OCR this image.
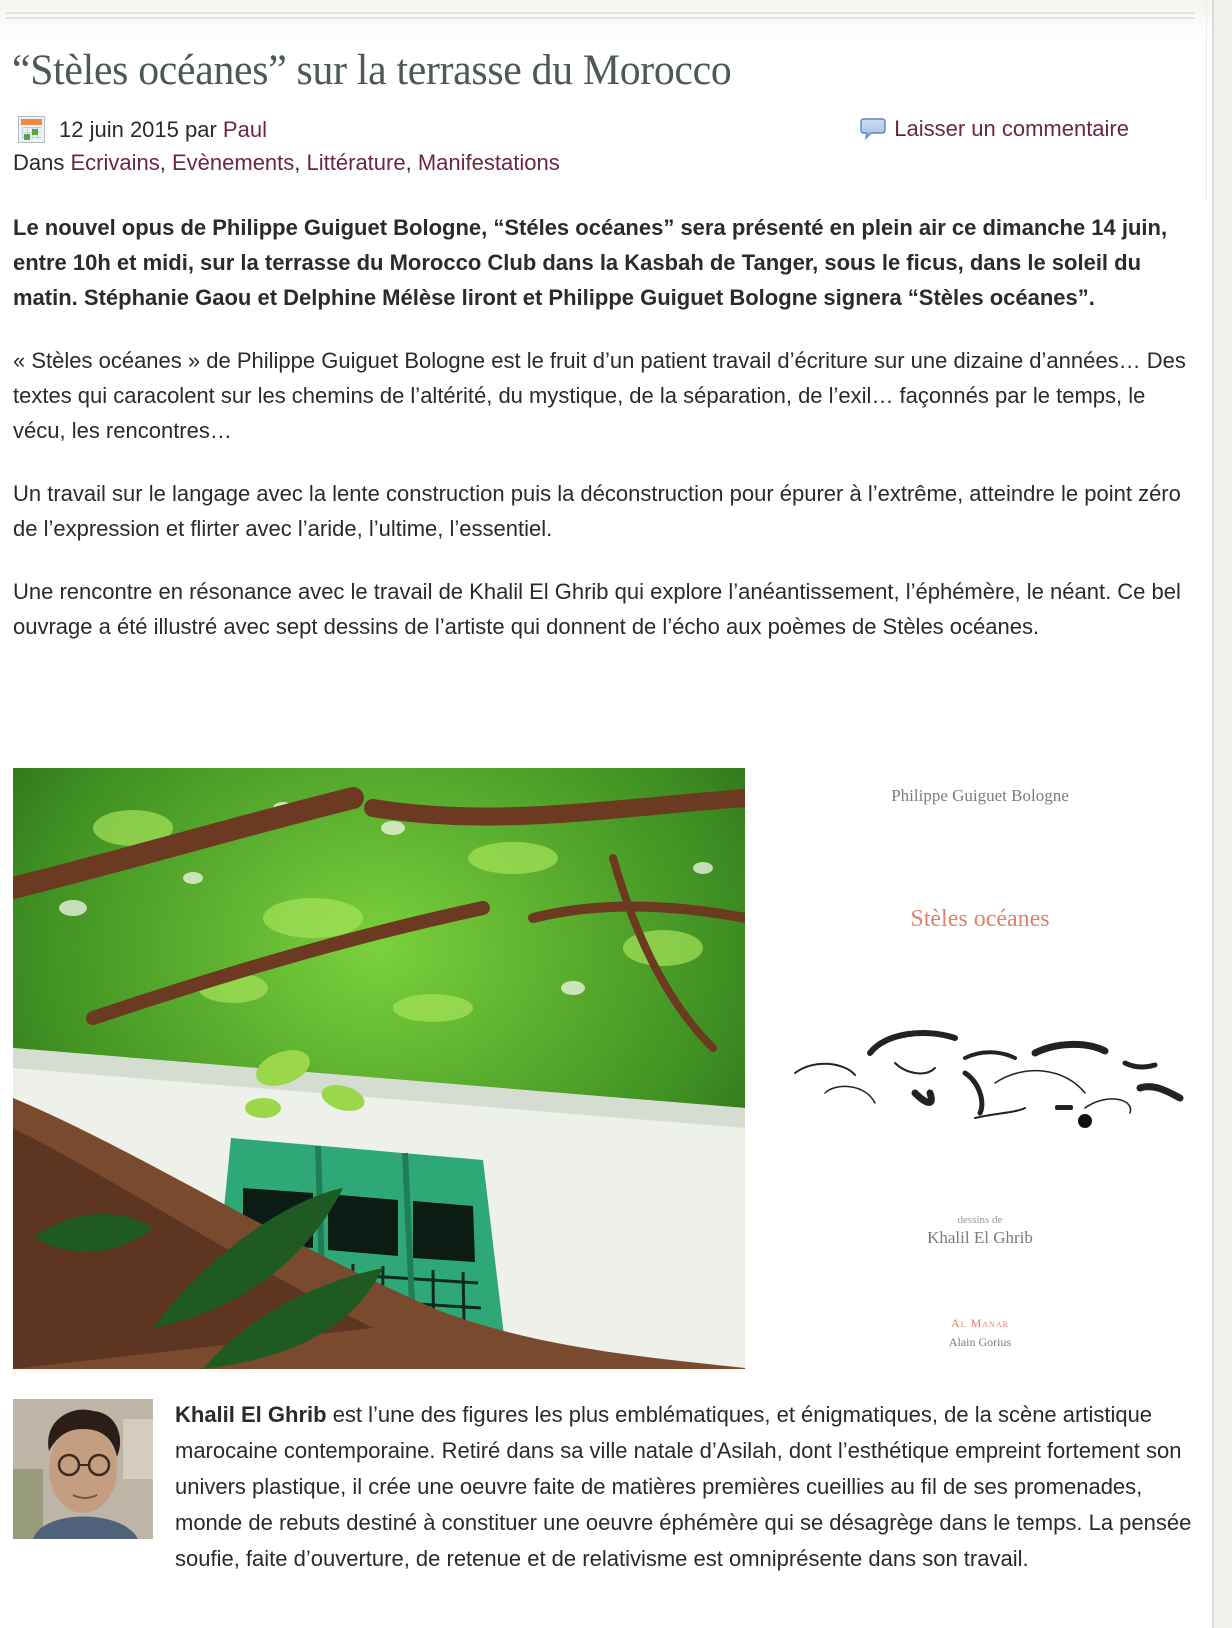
“Stèles océanes” sur la terrasse du Morocco
12 juin 2015 par
Paul	Laisser un commentaire
Dans Ecrivains, Evènements, Littérature, Manifestations

Le nouvel opus de Philippe Guiguet Bologne, “Stéles océanes” sera présenté en plein air ce dimanche 14 juin, entre 10h et midi, sur la terrasse du Morocco Club dans la Kasbah de Tanger, sous le ficus, dans le soleil du matin. Stéphanie Gaou et Delphine Mélèse liront et Philippe Guiguet Bologne signera “Stèles océanes”.

« Stèles océanes » de Philippe Guiguet Bologne est le fruit d’un patient travail d’écriture sur une dizaine d’années… Des textes qui caracolent sur les chemins de l’altérité, du mystique, de la séparation, de l’exil… façonnés par le temps, le vécu, les rencontres…

Un travail sur le langage avec la lente construction puis la déconstruction pour épurer à l’extrême, atteindre le point zéro de l’expression et flirter avec l’aride, l’ultime, l’essentiel.

Une rencontre en résonance avec le travail de Khalil El Ghrib qui explore l’anéantissement, l’éphémère, le néant. Ce bel ouvrage a été illustré avec sept dessins de l’artiste qui donnent de l’écho aux poèmes de Stèles océanes.

Philippe Guiguet Bologne
Stèles océanes
dessins de
Khalil El Ghrib
Al Manar
Alain Gorius
Khalil El Ghrib est l’une des figures les plus emblématiques, et énigmatiques, de la scène artistique marocaine contemporaine. Retiré dans sa ville natale d’Asilah, dont l’esthétique empreint fortement son univers plastique, il crée une oeuvre faite de matières premières cueillies au fil de ses promenades, monde de rebuts destiné à constituer une oeuvre éphémère qui se désagrège dans le temps. La pensée soufie, faite d’ouverture, de retenue et de relativisme est omniprésente dans son travail.
